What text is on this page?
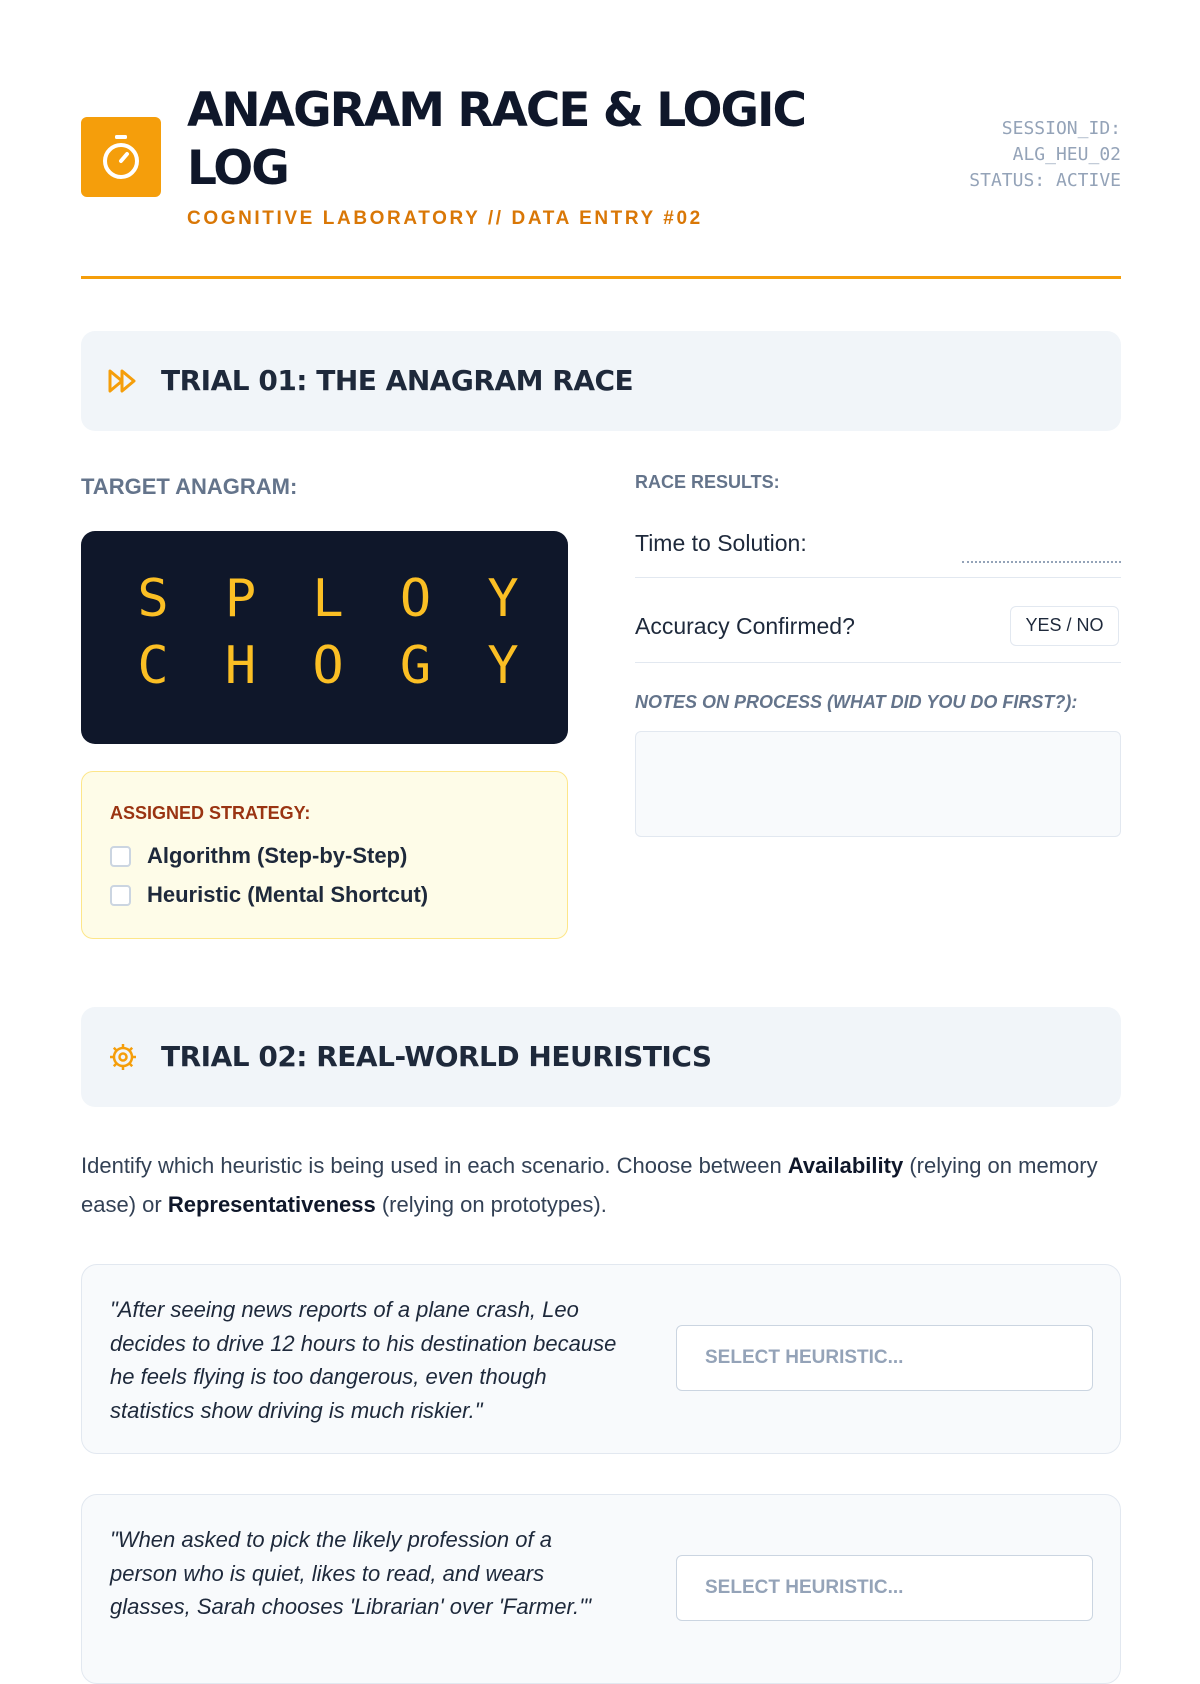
ANAGRAM RACE & LOGIC LOG
COGNITIVE LABORATORY // DATA ENTRY #02
SESSION_ID:
ALG_HEU_02
STATUS: ACTIVE
TRIAL 01: THE ANAGRAM RACE
TARGET ANAGRAM:
S P L O Y
C H O G Y
ASSIGNED STRATEGY:
Algorithm (Step-by-Step)
Heuristic (Mental Shortcut)
RACE RESULTS:
Time to Solution:
Accuracy Confirmed?	YES / NO
NOTES ON PROCESS (WHAT DID YOU DO FIRST?):
TRIAL 02: REAL-WORLD HEURISTICS
Identify which heuristic is being used in each scenario. Choose between Availability (relying on memory ease) or Representativeness (relying on prototypes).
"After seeing news reports of a plane crash, Leo decides to drive 12 hours to his destination because he feels flying is too dangerous, even though statistics show driving is much riskier."
SELECT HEURISTIC...
"When asked to pick the likely profession of a person who is quiet, likes to read, and wears glasses, Sarah chooses 'Librarian' over 'Farmer.'"
SELECT HEURISTIC...
